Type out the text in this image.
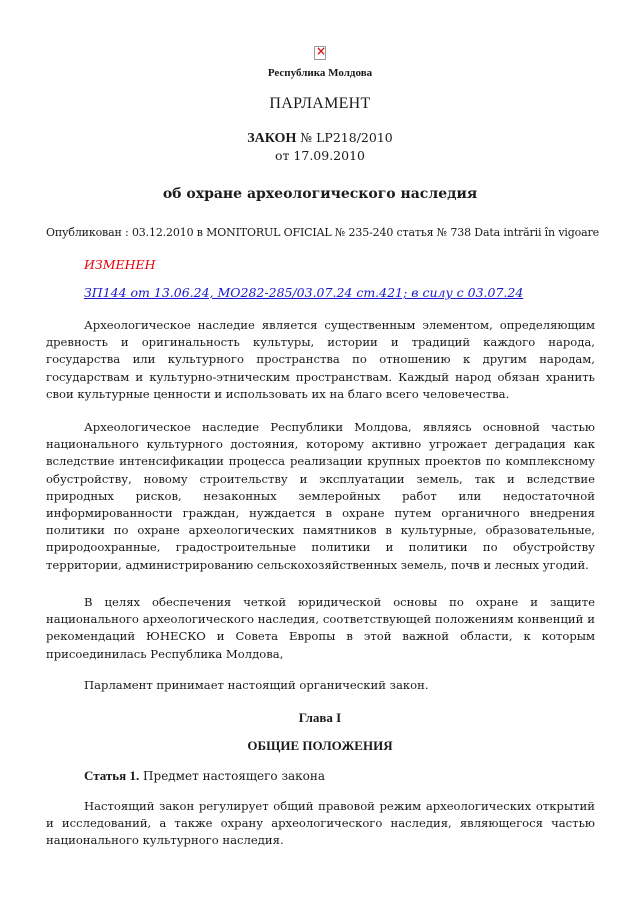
×
Республика Молдова
ПАРЛАМЕНТ
ЗАКОН № LP218/2010
от 17.09.2010
об охране археологического наследия
Опубликован : 03.12.2010 в MONITORUL OFICIAL № 235-240 статья № 738 Data intrării în vigoare
ИЗМЕНЕН
ЗП144 от 13.06.24, MO282-285/03.07.24 ст.421; в силу с 03.07.24

Археологическое наследие является существенным элементом, определяющим древность и оригинальность культуры, истории и традиций каждого народа, государства или культурного пространства по отношению к другим народам, государствам и культурно-этническим пространствам. Каждый народ обязан хранить свои культурные ценности и использовать их на благо всего человечества.

Археологическое наследие Республики Молдова, являясь основной частью национального культурного достояния, которому активно угрожает деградация как вследствие интенсификации процесса реализации крупных проектов по комплексному обустройству, новому строительству и эксплуатации земель, так и вследствие природных рисков, незаконных землеройных работ или недостаточной информированности граждан, нуждается в охране путем органичного внедрения политики по охране археологических памятников в культурные, образовательные, природоохранные, градостроительные политики и политики по обустройству территории, администрированию сельскохозяйственных земель, почв и лесных угодий.

В целях обеспечения четкой юридической основы по охране и защите национального археологического наследия, соответствующей положениям конвенций и рекомендаций ЮНЕСКО и Совета Европы в этой важной области, к которым присоединилась Республика Молдова,

Парламент принимает настоящий органический закон.

Глава I
ОБЩИЕ ПОЛОЖЕНИЯ
Статья 1. Предмет настоящего закона

Настоящий закон регулирует общий правовой режим археологических открытий и исследований, а также охрану археологического наследия, являющегося частью национального культурного наследия.
